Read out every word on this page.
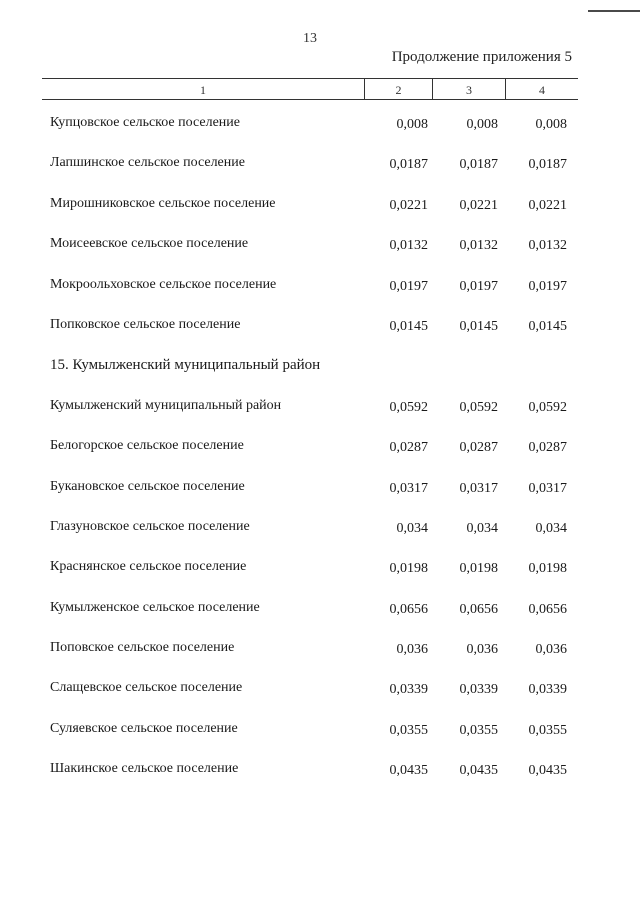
13
Продолжение приложения 5
1	2	3	4
Купцовское сельское поселение	0,008	0,008	0,008
Лапшинское сельское поселение	0,0187 0,0187 0,0187
Мирошниковское сельское поселение	0,0221 0,0221 0,0221
Моисеевское сельское поселение	0,0132 0,0132 0,0132
Мокроольховское сельское поселение	0,0197 0,0197 0,0197
Попковское сельское поселение	0,0145 0,0145 0,0145
15. Кумылженский муниципальный район
Кумылженский муниципальный район	0,0592 0,0592 0,0592
Белогорское сельское поселение	0,0287 0,0287 0,0287
Букановское сельское поселение	0,0317 0,0317 0,0317
Глазуновское сельское поселение	0,034	0,034	0,034
Краснянское сельское поселение	0,0198 0,0198 0,0198
Кумылженское сельское поселение	0,0656 0,0656 0,0656
Поповское сельское поселение	0,036	0,036	0,036
Слащевское сельское поселение	0,0339 0,0339 0,0339
Суляевское сельское поселение	0,0355 0,0355 0,0355
Шакинское сельское поселение	0,0435 0,0435 0,0435
